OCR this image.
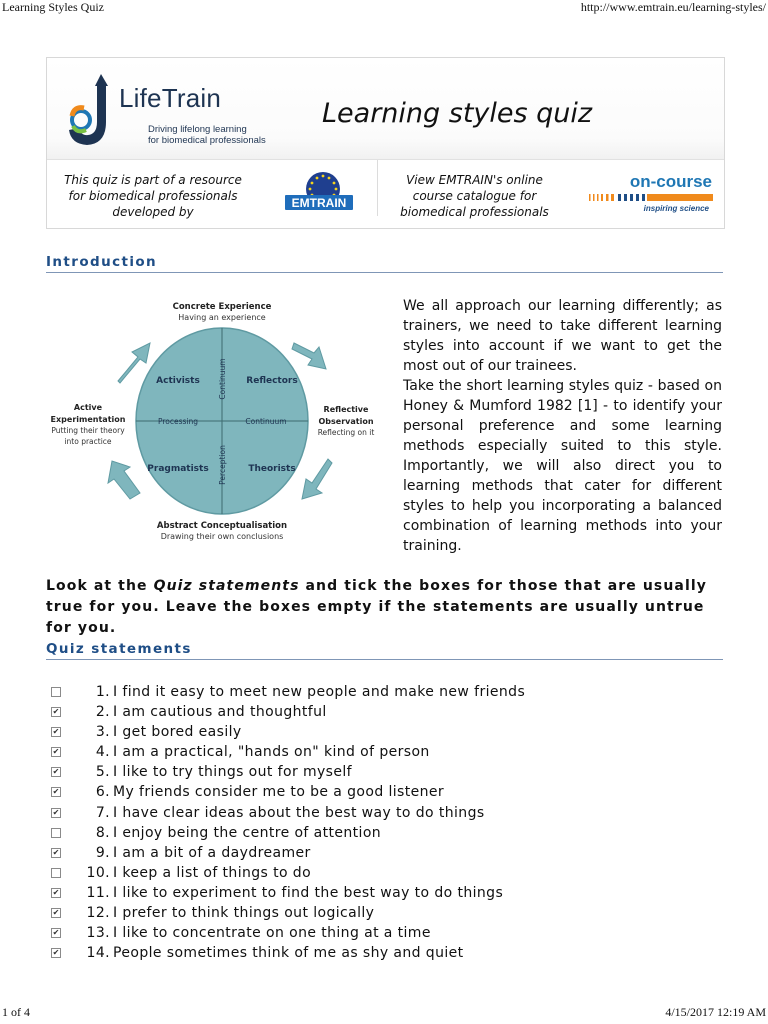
Learning Styles Quiz	http://www.emtrain.eu/learning-styles/
LifeTrain
Driving lifelong learning
for biomedical professionals
Learning styles quiz
This quiz is part of a resource
for biomedical professionals
developed by
EMTRAIN
View EMTRAIN's online
course catalogue for
biomedical professionals
on-course
inspiring science
Introduction
Concrete Experience
Having an experience
Abstract Conceptualisation
Drawing their own conclusions
Active
Experimentation
Putting their theory
into practice
Reflective
Observation
Reflecting on it
Activists	Reflectors
Pragmatists	Theorists
Processing	Continuum
Continuum
Perception

We all approach our learning differently; as trainers, we need to take different learning styles into account if we want to get the most out of our trainees.

Take the short learning styles quiz - based on Honey & Mumford 1982 [1] - to identify your personal preference and some learning methods especially suited to this style. Importantly, we will also direct you to learning methods that cater for different styles to help you incorporating a balanced combination of learning methods into your training.

Look at the Quiz statements and tick the boxes for those that are usually true for you. Leave the boxes empty if the statements are usually untrue for you.
Quiz statements
1. I find it easy to meet new people and make new friends
✔	2. I am cautious and thoughtful
✔	3. I get bored easily
✔	4. I am a practical, "hands on" kind of person
✔	5. I like to try things out for myself
✔	6. My friends consider me to be a good listener
✔	7. I have clear ideas about the best way to do things
8. I enjoy being the centre of attention
✔	9. I am a bit of a daydreamer
10. I keep a list of things to do
✔	11. I like to experiment to find the best way to do things
✔	12. I prefer to think things out logically
✔	13. I like to concentrate on one thing at a time
✔	14. People sometimes think of me as shy and quiet
1 of 4	4/15/2017 12:19 AM
